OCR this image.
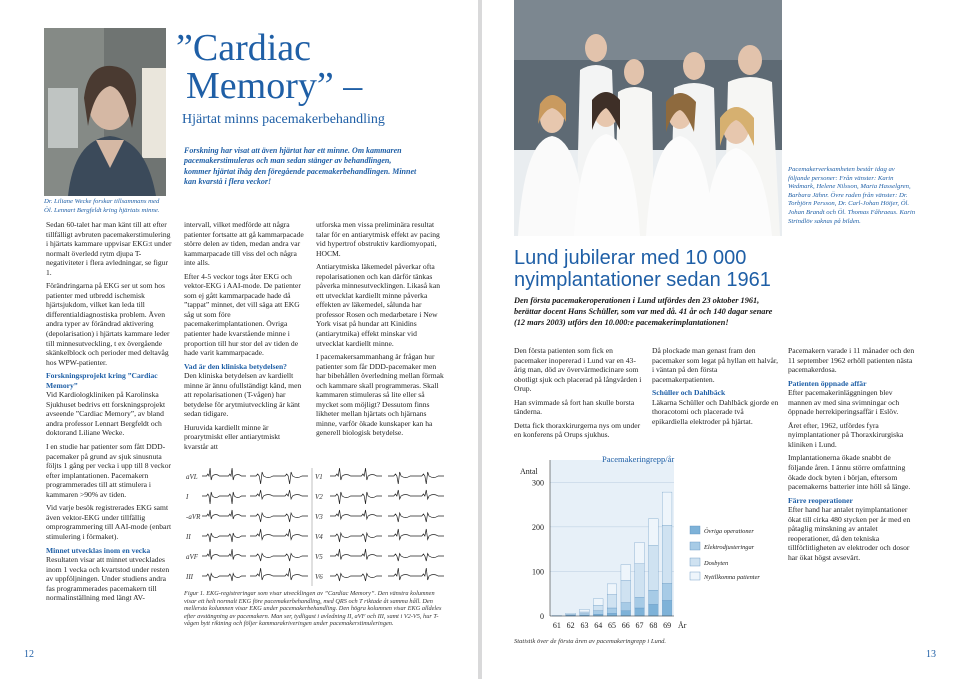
Dr. Liliane Wecke forskar tillsammans med Öl. Lennart Bergfeldt kring hjärtats minne.
”Cardiac
Memory” –
Hjärtat minns pacemakerbehandling
Forskning har visat att även hjärtat har ett minne. Om kammaren pacemakerstimuleras och man sedan stänger av behandlingen, kommer hjärtat ihåg den föregående pacemakerbehandlingen. Minnet kan kvarstå i flera veckor!

Sedan 60-talet har man känt till att efter tillfälligt avbruten pacemakerstimulering i hjärtats kammare uppvisar EKG:t under normalt överledd rytm djupa T-negativiteter i flera avledningar, se figur 1.

Förändringarna på EKG ser ut som hos patienter med utbredd ischemisk hjärtsjukdom, vilket kan leda till differentialdiagnostiska problem. Även andra typer av förändrad aktivering (depolarisation) i hjärtats kammare leder till minnesutveckling, t ex övergående skänkelblock och perioder med deltavåg hos WPW-patienter.

Forskningsprojekt kring ”Cardiac Memory”

Vid Kardiologkliniken på Karolinska Sjukhuset bedrivs ett forskningsprojekt avseende ”Cardiac Memory”, av bland andra professor Lennart Bergfeldt och doktorand Liliane Wecke.

I en studie har patienter som fått DDD-pacemaker på grund av sjuk sinusnuta följts 1 gång per vecka i upp till 8 veckor efter implantationen. Pacemakern programmerades till att stimulera i kammaren >90% av tiden.

Vid varje besök registrerades EKG samt även vektor-EKG under tillfällig omprogrammering till AAI-mode (enbart stimulering i förmaket).

Minnet utvecklas inom en vecka

Resultaten visar att minnet utvecklades inom 1 vecka och kvartstod under resten av uppföljningen. Under studiens andra fas programmerades pacemakern till normalinställning med längt AV-

intervall, vilket medförde att några patienter fortsatte att gå kammarpacade större delen av tiden, medan andra var kammarpacade till viss del och några inte alls.

Efter 4-5 veckor togs åter EKG och vektor-EKG i AAI-mode. De patienter som ej gått kammarpacade hade då ”tappat” minnet, det vill säga att EKG såg ut som före pacemakerimplantationen. Övriga patienter hade kvarstående minne i proportion till hur stor del av tiden de hade varit kammarpacade.

Vad är den kliniska betydelsen?

Den kliniska betydelsen av kardiellt minne är ännu ofullständigt känd, men att repolarisationen (T-vågen) har betydelse för arytmiutveckling är känt sedan tidigare.

Huruvida kardiellt minne är proarytmiskt eller antiarytmiskt kvarstår att

utforska men vissa preliminära resultat talar för en antiarytmisk effekt av pacing vid hypertrof obstruktiv kardiomyopati, HOCM.

Antiarytmiska läkemedel påverkar ofta repolarisationen och kan därför tänkas påverka minnesutvecklingen. Likaså kan ett utvecklat kardiellt minne påverka effekten av läkemedel, sålunda har professor Rosen och medarbetare i New York visat på hundar att Kinidins (antiarytmika) effekt minskar vid utvecklat kardiellt minne.

I pacemakersammanhang är frågan hur patienter som får DDD-pacemaker men har bibehållen överledning mellan förmak och kammare skall programmeras. Skall kammaren stimuleras så lite eller så mycket som möjligt? Dessutom finns likheter mellan hjärtats och hjärnans minne, varför ökade kunskaper kan ha generell biologisk betydelse.

aVL
I
-aVR
II
aVF
III
V1
V2
V3
V4
V5
V6
Figur 1. EKG-registreringar som visar utvecklingen av ”Cardiac Memory”. Den vänstra kolumnen visar ett helt normalt EKG före pacemakerbehandling, med QRS och T riktade åt samma håll. Den mellersta kolumnen visar EKG under pacemakerbehandling. Den högra kolumnen visar EKG alldeles efter avstängning av pacemakern. Man ser, tydligast i avledning II, aVF och III, samt i V2-V5, hur T-vågen bytt riktning och följer kammarakriveringen under pacemakerstimuleringen.
12
Pacemakerverksamheten består idag av följande personer: Från vänster: Karin Wedmark, Helene Nilsson, Maria Hasselgren, Barbara Jähnr. Övre raden från vänster: Dr. Torbjörn Persson, Dr. Carl-Johan Höijer, Öl. Johan Brandt och Öl. Thomas Fåhraeus. Karin Strindlöv saknas på bilden.
Lund jubilerar med 10 000
nyimplantationer sedan 1961
Den första pacemakeroperationen i Lund utfördes den 23 oktober 1961, berättar docent Hans Schüller, som var med då. 41 år och 140 dagar senare (12 mars 2003) utförs den 10.000:e pacemakerimplantationen!

Den första patienten som fick en pacemaker inopererad i Lund var en 43-årig man, död av övervärmedicinare som obotligt sjuk och placerad på långvården i Orup.

Han svimmade så fort han skulle borsta tänderna.

Detta fick thoraxkirurgerna nys om under en konferens på Orups sjukhus.

Då plockade man genast fram den pacemaker som legat på hyllan ett halvår, i väntan på den första pacemakerpatienten.

Schüller och Dahlbäck

Läkarna Schüller och Dahlbäck gjorde en thoracotomi och placerade två epikardiella elektroder på hjärtat.

Pacemakern varade i 11 månader och den 11 september 1962 erhöll patienten nästa pacemakerdosa.

Patienten öppnade affär

Efter pacemakerinläggningen blev mannen av med sina svimningar och öppnade herrekiperingsaffär i Eslöv.

Året efter, 1962, utfördes fyra nyimplantationer på Thoraxkirurgiska kliniken i Lund.

Implantationerna ökade snabbt de följande åren. I ännu större omfattning ökade dock byten i början, eftersom pacemakerns batterier inte höll så länge.

Färre reoperationer

Efter hand har antalet nyimplantationer ökat till cirka 480 stycken per år med en påtaglig minskning av antalet reoperationer, då den tekniska tillförlitligheten av elektroder och dosor har ökat högst avsevärt.

0
100
200
300
Antal
Pacemakeringrepp/år
61 62 63 64 65 66 67 68 69 År
Övriga operationer
Elektrodjusteringar
Dosbyten
Nytillkomna patienter
Statistik över de första åren av pacemakeringrepp i Lund.
13
